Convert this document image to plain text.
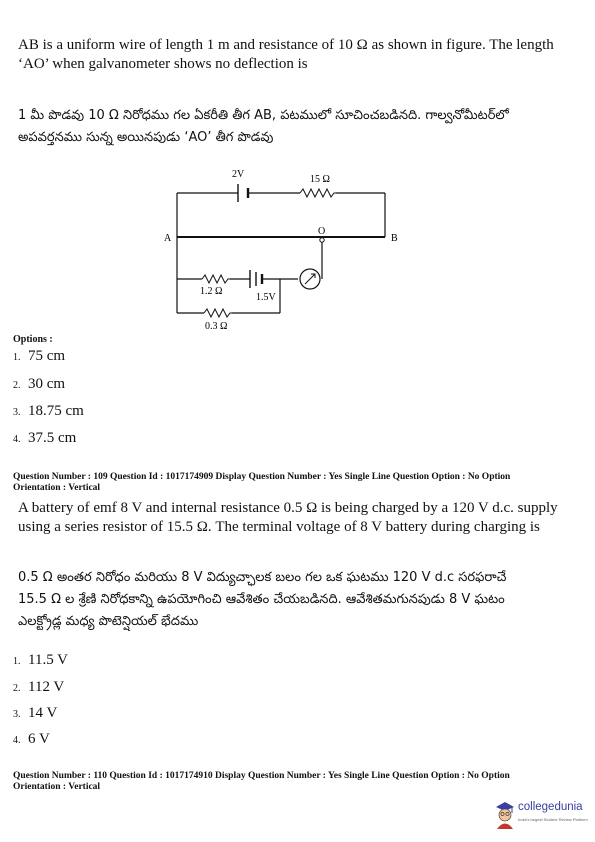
AB is a uniform wire of length 1 m and resistance of 10 Ω as shown in figure. The length
‘AO’ when galvanometer shows no deflection is
1 మీ పొడవు 10 Ω నిరోధము గల ఏకరీతి తీగ AB, పటములో సూచించబడినది. గాల్వనోమీటర్‌లో
అపవర్తనము సున్న అయినపుడు ‘AO’ తీగ పొడవు
2V	15 Ω
A	B
O
1.2 Ω
1.5V
0.3 Ω
Options :
1. 75 cm
2. 30 cm
3. 18.75 cm
4. 37.5 cm
Question Number : 109 Question Id : 1017174909 Display Question Number : Yes Single Line Question Option : No Option
Orientation : Vertical
A battery of emf 8 V and internal resistance 0.5 Ω is being charged by a 120 V d.c. supply
using a series resistor of 15.5 Ω. The terminal voltage of 8 V battery during charging is
0.5 Ω అంతర నిరోధం మరియు 8 V విద్యుచ్ఛాలక బలం గల ఒక ఘటము 120 V d.c సరఫరాచే
15.5 Ω ల శ్రేణి నిరోధకాన్ని ఉపయోగించి ఆవేశితం చేయబడినది. ఆవేశితమగునపుడు 8 V ఘటం
ఎలక్ట్రోడ్ల మధ్య పొటెన్షియల్ భేదము
1. 11.5 V
2. 112 V
3. 14 V
4. 6 V
Question Number : 110 Question Id : 1017174910 Display Question Number : Yes Single Line Question Option : No Option
Orientation : Vertical
collegedunia
India's largest Student Review Platform
